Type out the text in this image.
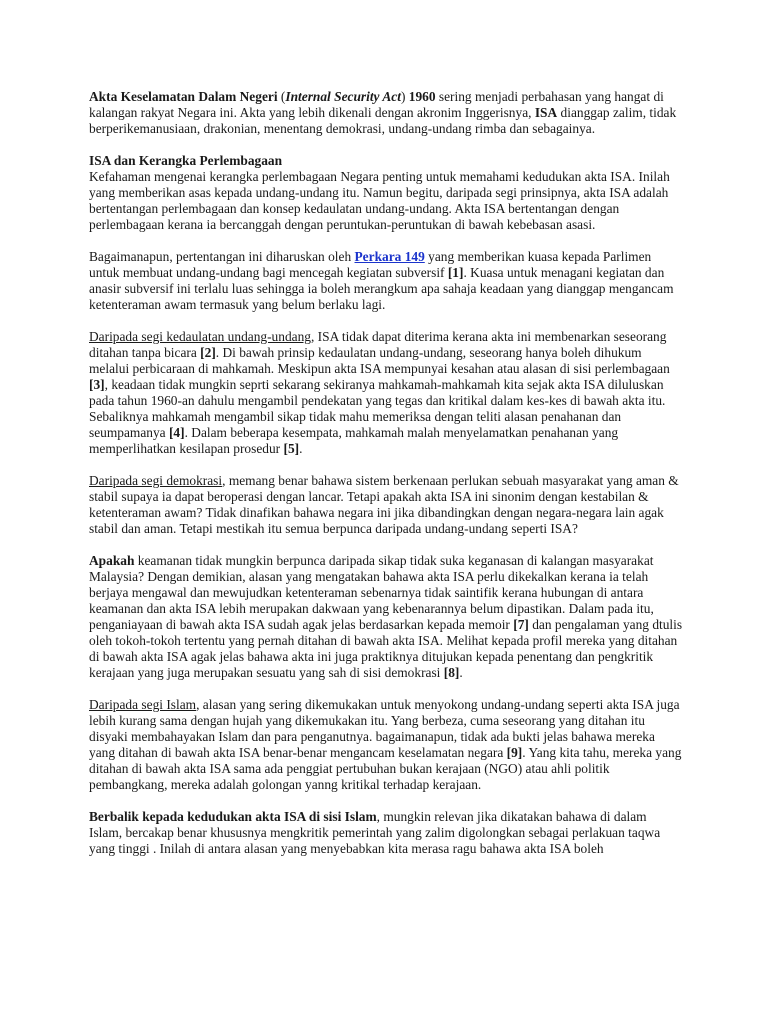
Akta Keselamatan Dalam Negeri (Internal Security Act) 1960 sering menjadi perbahasan yang hangat di kalangan rakyat Negara ini. Akta yang lebih dikenali dengan akronim Inggerisnya, ISA dianggap zalim, tidak berperikemanusiaan, drakonian, menentang demokrasi, undang-undang rimba dan sebagainya.

ISA dan Kerangka Perlembagaan

Kefahaman mengenai kerangka perlembagaan Negara penting untuk memahami kedudukan akta ISA. Inilah yang memberikan asas kepada undang-undang itu. Namun begitu, daripada segi prinsipnya, akta ISA adalah bertentangan perlembagaan dan konsep kedaulatan undang-undang. Akta ISA bertentangan dengan perlembagaan kerana ia bercanggah dengan peruntukan-peruntukan di bawah kebebasan asasi.

Bagaimanapun, pertentangan ini diharuskan oleh Perkara 149 yang memberikan kuasa kepada Parlimen untuk membuat undang-undang bagi mencegah kegiatan subversif [1]. Kuasa untuk menagani kegiatan dan anasir subversif ini terlalu luas sehingga ia boleh merangkum apa sahaja keadaan yang dianggap mengancam ketenteraman awam termasuk yang belum berlaku lagi.

Daripada segi kedaulatan undang-undang, ISA tidak dapat diterima kerana akta ini membenarkan seseorang ditahan tanpa bicara [2]. Di bawah prinsip kedaulatan undang-undang, seseorang hanya boleh dihukum melalui perbicaraan di mahkamah. Meskipun akta ISA mempunyai kesahan atau alasan di sisi perlembagaan [3], keadaan tidak mungkin seprti sekarang sekiranya mahkamah-mahkamah kita sejak akta ISA diluluskan pada tahun 1960-an dahulu mengambil pendekatan yang tegas dan kritikal dalam kes-kes di bawah akta itu. Sebaliknya mahkamah mengambil sikap tidak mahu memeriksa dengan teliti alasan penahanan dan seumpamanya [4]. Dalam beberapa kesempata, mahkamah malah menyelamatkan penahanan yang memperlihatkan kesilapan prosedur [5].

Daripada segi demokrasi, memang benar bahawa sistem berkenaan perlukan sebuah masyarakat yang aman & stabil supaya ia dapat beroperasi dengan lancar. Tetapi apakah akta ISA ini sinonim dengan kestabilan & ketenteraman awam? Tidak dinafikan bahawa negara ini jika dibandingkan dengan negara-negara lain agak stabil dan aman. Tetapi mestikah itu semua berpunca daripada undang-undang seperti ISA?

Apakah keamanan tidak mungkin berpunca daripada sikap tidak suka keganasan di kalangan masyarakat Malaysia? Dengan demikian, alasan yang mengatakan bahawa akta ISA perlu dikekalkan kerana ia telah berjaya mengawal dan mewujudkan ketenteraman sebenarnya tidak saintifik kerana hubungan di antara keamanan dan akta ISA lebih merupakan dakwaan yang kebenarannya belum dipastikan. Dalam pada itu, penganiayaan di bawah akta ISA sudah agak jelas berdasarkan kepada memoir [7] dan pengalaman yang dtulis oleh tokoh-tokoh tertentu yang pernah ditahan di bawah akta ISA. Melihat kepada profil mereka yang ditahan di bawah akta ISA agak jelas bahawa akta ini juga praktiknya ditujukan kepada penentang dan pengkritik kerajaan yang juga merupakan sesuatu yang sah di sisi demokrasi [8].

Daripada segi Islam, alasan yang sering dikemukakan untuk menyokong undang-undang seperti akta ISA juga lebih kurang sama dengan hujah yang dikemukakan itu. Yang berbeza, cuma seseorang yang ditahan itu disyaki membahayakan Islam dan para penganutnya. bagaimanapun, tidak ada bukti jelas bahawa mereka yang ditahan di bawah akta ISA benar-benar mengancam keselamatan negara [9]. Yang kita tahu, mereka yang ditahan di bawah akta ISA sama ada penggiat pertubuhan bukan kerajaan (NGO) atau ahli politik pembangkang, mereka adalah golongan yanng kritikal terhadap kerajaan.

Berbalik kepada kedudukan akta ISA di sisi Islam, mungkin relevan jika dikatakan bahawa di dalam Islam, bercakap benar khususnya mengkritik pemerintah yang zalim digolongkan sebagai perlakuan taqwa yang tinggi . Inilah di antara alasan yang menyebabkan kita merasa ragu bahawa akta ISA boleh
